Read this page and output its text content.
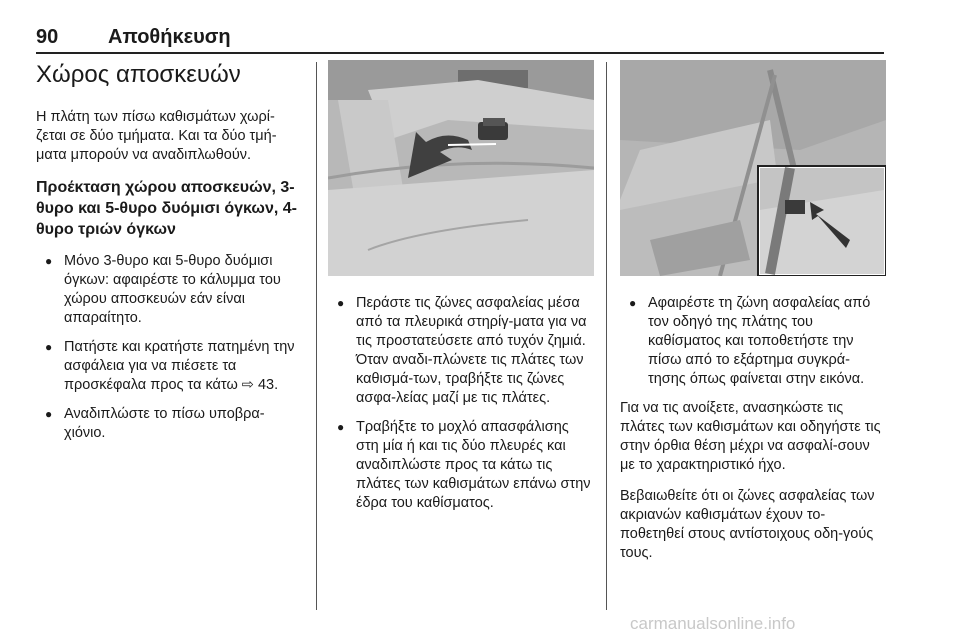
90 Αποθήκευση
Χώρος αποσκευών

Η πλάτη των πίσω καθισμάτων χωρί-ζεται σε δύο τμήματα. Και τα δύο τμή-ματα μπορούν να αναδιπλωθούν.

Προέκταση χώρου αποσκευών, 3-θυρο και 5-θυρο δυόμισι όγκων, 4-θυρο τριών όγκων
● Μόνο 3-θυρο και 5-θυρο δυόμισι όγκων: αφαιρέστε το κάλυμμα του χώρου αποσκευών εάν είναι απαραίτητο.
● Πατήστε και κρατήστε πατημένη την ασφάλεια για να πιέσετε τα προσκέφαλα προς τα κάτω ⇨ 43.
● Αναδιπλώστε το πίσω υποβρα-χιόνιο.
● Περάστε τις ζώνες ασφαλείας μέσα από τα πλευρικά στηρίγ-ματα για να τις προστατεύσετε από τυχόν ζημιά. Όταν αναδι-πλώνετε τις πλάτες των καθισμά-των, τραβήξτε τις ζώνες ασφα-λείας μαζί με τις πλάτες.
● Τραβήξτε το μοχλό απασφάλισης στη μία ή και τις δύο πλευρές και αναδιπλώστε προς τα κάτω τις πλάτες των καθισμάτων επάνω στην έδρα του καθίσματος.
● Αφαιρέστε τη ζώνη ασφαλείας από τον οδηγό της πλάτης του καθίσματος και τοποθετήστε την πίσω από το εξάρτημα συγκρά-τησης όπως φαίνεται στην εικόνα.

Για να τις ανοίξετε, ανασηκώστε τις πλάτες των καθισμάτων και οδηγήστε τις στην όρθια θέση μέχρι να ασφαλί-σουν με το χαρακτηριστικό ήχο.

Βεβαιωθείτε ότι οι ζώνες ασφαλείας των ακριανών καθισμάτων έχουν το-ποθετηθεί στους αντίστοιχους οδη-γούς τους.

carmanualsonline.info
